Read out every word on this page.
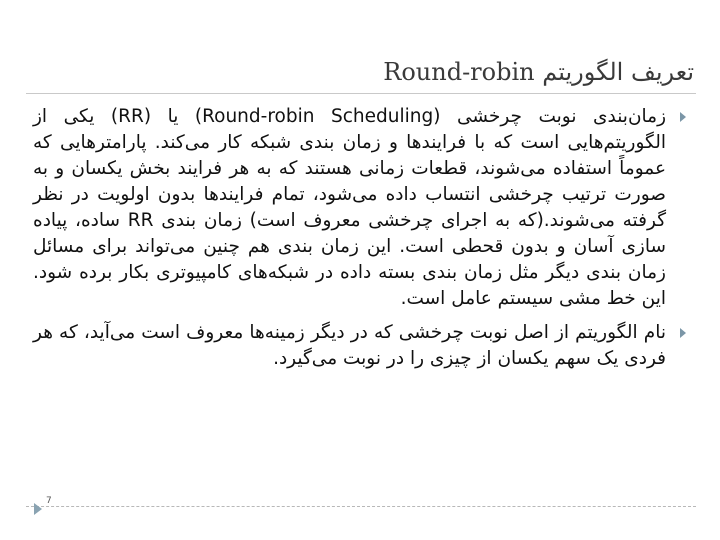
تعریف الگوریتم Round-robin
زمان‌بندی نوبت چرخشی (Round-robin Scheduling) یا (RR) یکی از الگوریتم‌هایی است که با فرایندها و زمان بندی شبکه کار می‌کند. پارامترهایی که عموماً استفاده می‌شوند، قطعات زمانی هستند که به هر فرایند بخش یکسان و به صورت ترتیب چرخشی انتساب داده می‌شود، تمام فرایندها بدون اولویت در نظر گرفته می‌شوند.(که به اجرای چرخشی معروف است) زمان بندی RR ساده، پیاده سازی آسان و بدون قحطی است. این زمان بندی هم چنین می‌تواند برای مسائل زمان بندی دیگر مثل زمان بندی بسته داده در شبکه‌های کامپیوتری بکار برده شود. این خط مشی سیستم عامل است.
نام الگوریتم از اصل نوبت چرخشی که در دیگر زمینه‌ها معروف است می‌آید، که هر فردی یک سهم یکسان از چیزی را در نوبت می‌گیرد.
7
